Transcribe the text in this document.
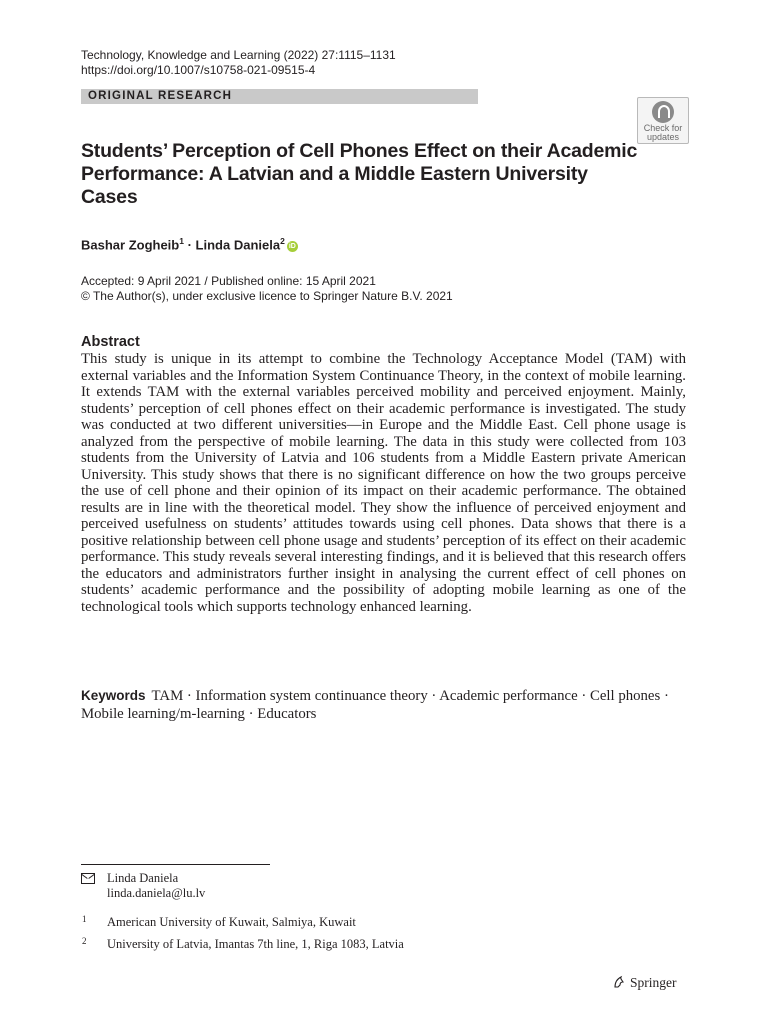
Technology, Knowledge and Learning (2022) 27:1115–1131
https://doi.org/10.1007/s10758-021-09515-4
ORIGINAL RESEARCH
Check for updates
Students’ Perception of Cell Phones Effect on their Academic Performance: A Latvian and a Middle Eastern University Cases
Bashar Zogheib$^1$ · Linda Daniela$^2$iD
Accepted: 9 April 2021 / Published online: 15 April 2021
© The Author(s), under exclusive licence to Springer Nature B.V. 2021
Abstract
This study is unique in its attempt to combine the Technology Acceptance Model (TAM) with external variables and the Information System Continuance Theory, in the context of mobile learning. It extends TAM with the external variables perceived mobility and perceived enjoyment. Mainly, students’ perception of cell phones effect on their academic performance is investigated. The study was conducted at two different universities—in Europe and the Middle East. Cell phone usage is analyzed from the perspective of mobile learning. The data in this study were collected from 103 students from the University of Latvia and 106 students from a Middle Eastern private American University. This study shows that there is no significant difference on how the two groups perceive the use of cell phone and their opinion of its impact on their academic performance. The obtained results are in line with the theoretical model. They show the influence of perceived enjoyment and perceived usefulness on students’ attitudes towards using cell phones. Data shows that there is a positive relationship between cell phone usage and students’ perception of its effect on their academic performance. This study reveals several interesting findings, and it is believed that this research offers the educators and administrators further insight in analysing the current effect of cell phones on students’ academic performance and the possibility of adopting mobile learning as one of the technological tools which supports technology enhanced learning.
Keywords TAM · Information system continuance theory · Academic performance · Cell phones · Mobile learning/m-learning · Educators
Linda Daniela
linda.daniela@lu.lv
1 American University of Kuwait, Salmiya, Kuwait
2 University of Latvia, Imantas 7th line, 1, Riga 1083, Latvia
Springer
